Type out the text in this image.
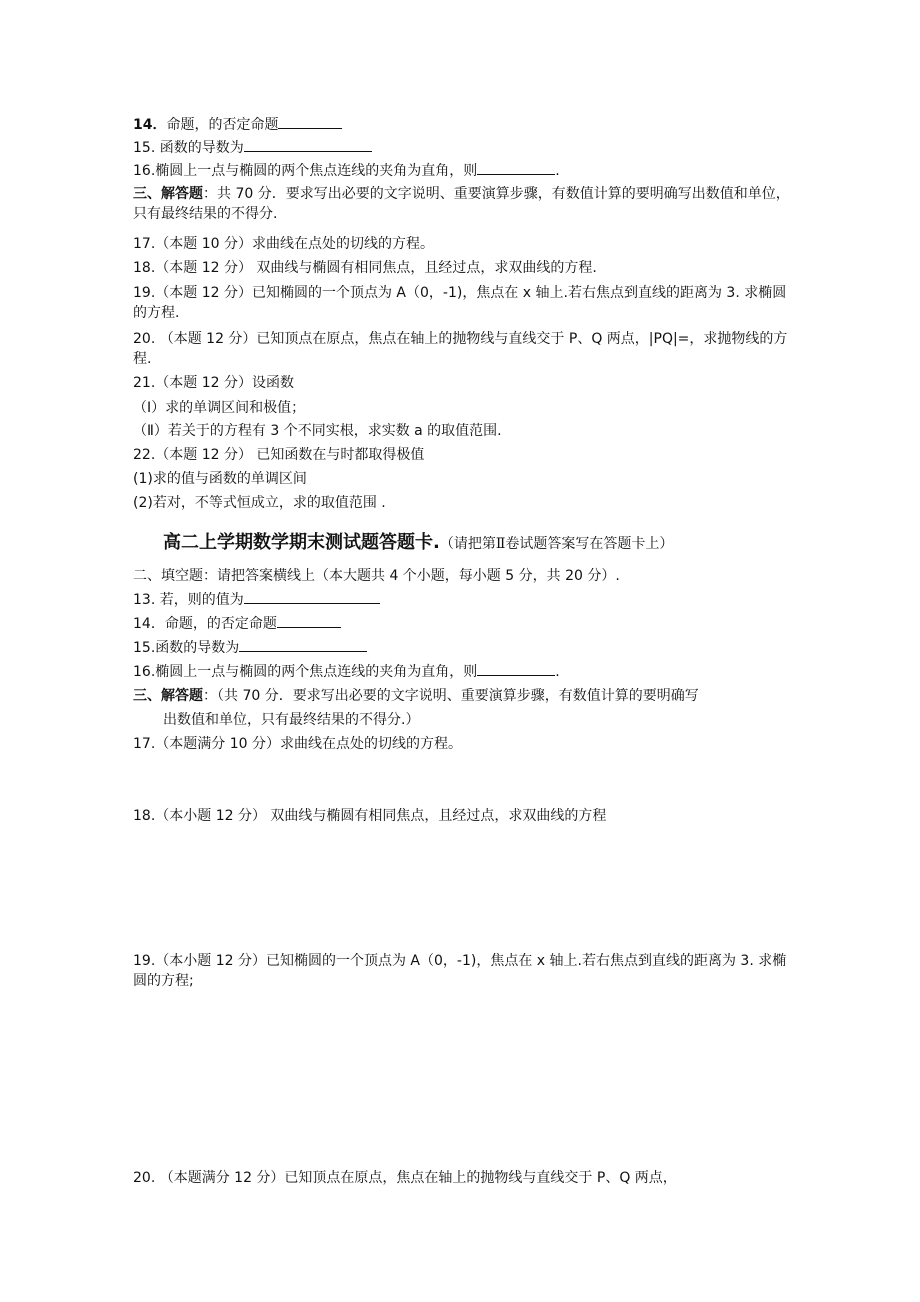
14．命题，的否定命题
15. 函数的导数为
16.椭圆上一点与椭圆的两个焦点连线的夹角为直角，则	.
三、解答题：共 70 分．要求写出必要的文字说明、重要演算步骤，有数值计算的要明确写出数值和单位，只有最终结果的不得分.
17.（本题 10 分）求曲线在点处的切线的方程。
18.（本题 12 分） 双曲线与椭圆有相同焦点，且经过点，求双曲线的方程.
19.（本题 12 分）已知椭圆的一个顶点为 A（0，-1)，焦点在 x 轴上.若右焦点到直线的距离为 3. 求椭圆的方程.
20. （本题 12 分）已知顶点在原点，焦点在轴上的抛物线与直线交于 P、Q 两点，|PQ|=，求抛物线的方程.
21.（本题 12 分）设函数
（Ⅰ）求的单调区间和极值；
（Ⅱ）若关于的方程有 3 个不同实根，求实数 a 的取值范围.
22.（本题 12 分） 已知函数在与时都取得极值
(1)求的值与函数的单调区间
(2)若对，不等式恒成立，求的取值范围 .
高二上学期数学期末测试题答题卡.（请把第Ⅱ卷试题答案写在答题卡上）
二、填空题：请把答案横线上（本大题共 4 个小题，每小题 5 分，共 20 分）.
13. 若，则的值为
14．命题，的否定命题
15.函数的导数为
16.椭圆上一点与椭圆的两个焦点连线的夹角为直角，则	.
三、解答题：（共 70 分．要求写出必要的文字说明、重要演算步骤，有数值计算的要明确写
出数值和单位，只有最终结果的不得分.）
17.（本题满分 10 分）求曲线在点处的切线的方程。
18.（本小题 12 分） 双曲线与椭圆有相同焦点，且经过点，求双曲线的方程
19.（本小题 12 分）已知椭圆的一个顶点为 A（0，-1)，焦点在 x 轴上.若右焦点到直线的距离为 3. 求椭圆的方程;
20. （本题满分 12 分）已知顶点在原点，焦点在轴上的抛物线与直线交于 P、Q 两点，
